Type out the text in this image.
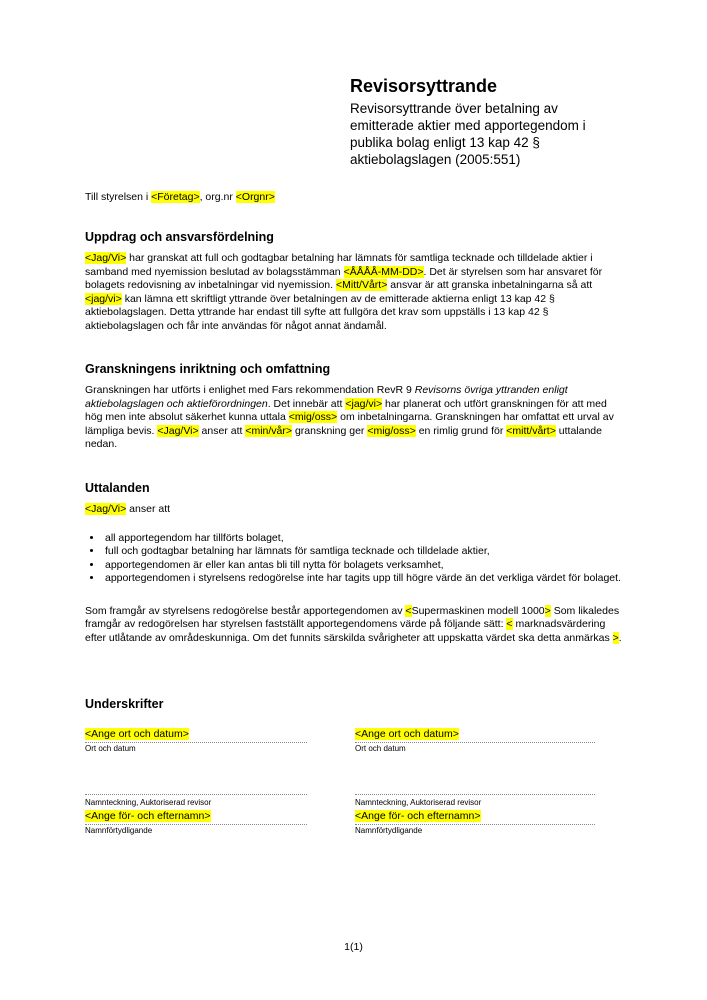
Revisorsyttrande

Revisorsyttrande över betalning av emitterade aktier med apportegendom i publika bolag enligt 13 kap 42 § aktiebolagslagen (2005:551)

Till styrelsen i <Företag>, org.nr <Orgnr>

Uppdrag och ansvarsfördelning

<Jag/Vi> har granskat att full och godtagbar betalning har lämnats för samtliga tecknade och tilldelade aktier i samband med nyemission beslutad av bolagsstämman <ÅÅÅÅ-MM-DD>. Det är styrelsen som har ansvaret för bolagets redovisning av inbetalningar vid nyemission. <Mitt/Vårt> ansvar är att granska inbetalningarna så att <jag/vi> kan lämna ett skriftligt yttrande över betalningen av de emitterade aktierna enligt 13 kap 42 § aktiebolagslagen. Detta yttrande har endast till syfte att fullgöra det krav som uppställs i 13 kap 42 § aktiebolagslagen och får inte användas för något annat ändamål.

Granskningens inriktning och omfattning

Granskningen har utförts i enlighet med Fars rekommendation RevR 9 Revisorns övriga yttranden enligt aktiebolagslagen och aktieförordningen. Det innebär att <jag/vi> har planerat och utfört granskningen för att med hög men inte absolut säkerhet kunna uttala <mig/oss> om inbetalningarna. Granskningen har omfattat ett urval av lämpliga bevis. <Jag/Vi> anser att <min/vår> granskning ger <mig/oss> en rimlig grund för <mitt/vårt> uttalande nedan.

Uttalanden

<Jag/Vi> anser att

• all apportegendom har tillförts bolaget,
• full och godtagbar betalning har lämnats för samtliga tecknade och tilldelade aktier,
• apportegendomen är eller kan antas bli till nytta för bolagets verksamhet,
• apportegendomen i styrelsens redogörelse inte har tagits upp till högre värde än det verkliga värdet för bolaget.

Som framgår av styrelsens redogörelse består apportegendomen av <Supermaskinen modell 1000> Som likaledes framgår av redogörelsen har styrelsen fastställt apportegendomens värde på följande sätt: < marknadsvärdering efter utlåtande av områdeskunniga. Om det funnits särskilda svårigheter att uppskatta värdet ska detta anmärkas >.

Underskrifter
<Ange ort och datum>
Ort och datum
Namnteckning, Auktoriserad revisor
<Ange för- och efternamn>
Namnförtydligande
<Ange ort och datum>
Ort och datum
Namnteckning, Auktoriserad revisor
<Ange för- och efternamn>
Namnförtydligande
1(1)
